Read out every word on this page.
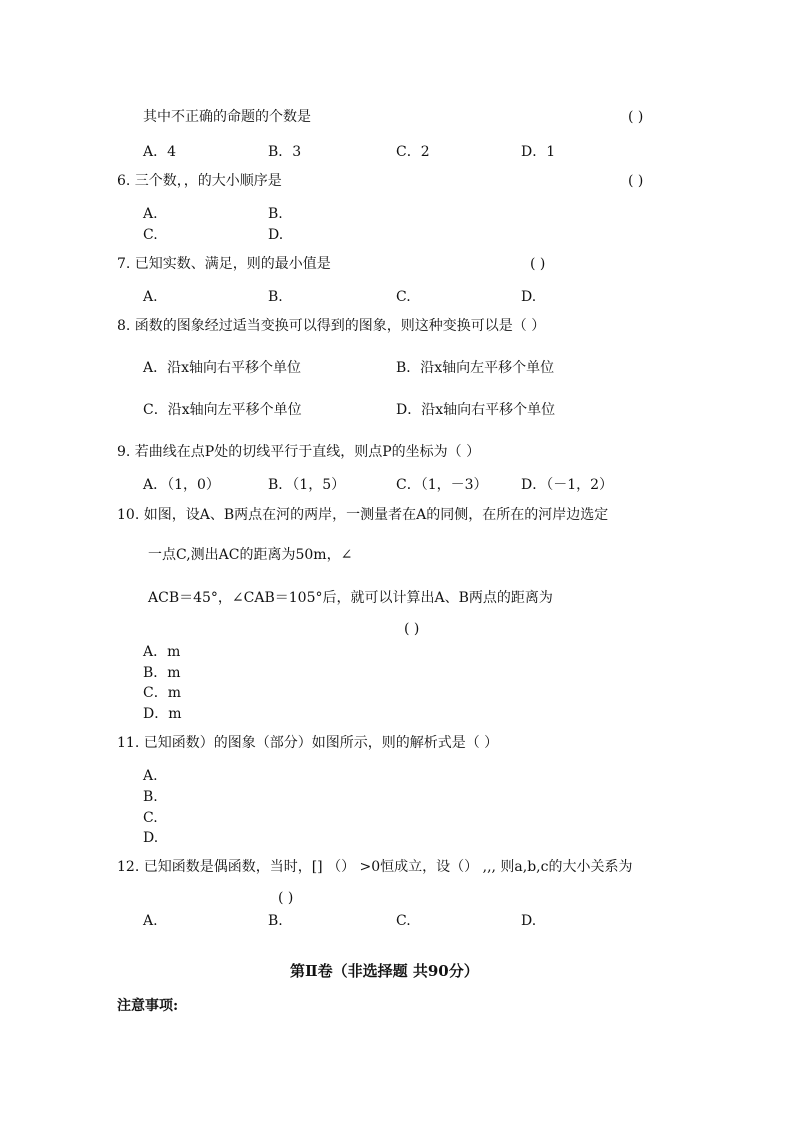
其中不正确的命题的个数是	( )
A．4	B．3	C．2	D．1
6. 三个数，，的大小顺序是	( )
A.	B.
C.	D.
7. 已知实数、满足，则的最小值是	( )
A.	B.	C.	D.
8. 函数的图象经过适当变换可以得到的图象，则这种变换可以是（ ）
A．沿x轴向右平移个单位	B．沿x轴向左平移个单位
C．沿x轴向左平移个单位	D．沿x轴向右平移个单位
9. 若曲线在点P处的切线平行于直线，则点P的坐标为（ ）
A．（1，0）	B．（1，5）	C．（1，－3） D．（－1，2）
10. 如图，设A、B两点在河的两岸，一测量者在A的同侧，在所在的河岸边选定
一点C,测出AC的距离为50m，∠
ACB＝45°，∠CAB＝105°后，就可以计算出A、B两点的距离为
( )
A．m
B．m
C．m
D．m
11. 已知函数）的图象（部分）如图所示，则的解析式是（ ）
A.
B.
C.
D.
12. 已知函数是偶函数，当时，[] （） >0恒成立，设（） ,,, 则a,b,c的大小关系为
( )
A.	B.	C.	D.
第Ⅱ卷（非选择题 共90分）
注意事项:
